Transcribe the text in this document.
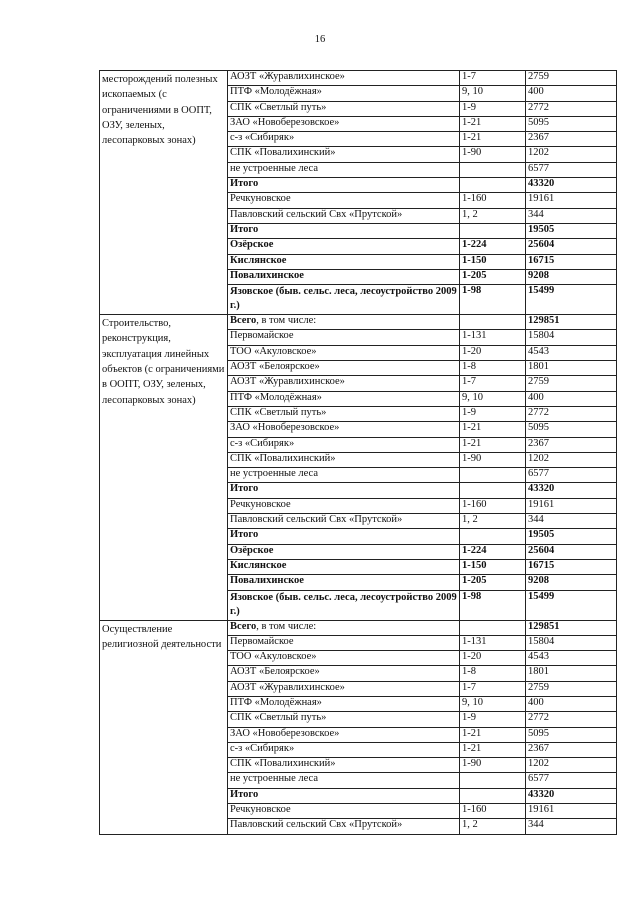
16
месторождений полезных ископаемых (с ограничениями в ООПТ, ОЗУ, зеленых, лесопарковых зонах)	АОЗТ «Журавлихинское»	1-7	2759
	ПТФ «Молодёжная»	9, 10	400
	СПК «Светлый путь»	1-9	2772
	ЗАО «Новоберезовское»	1-21	5095
	с-з «Сибиряк»	1-21	2367
	СПК «Повалихинский»	1-90	1202
	не устроенные леса		6577
	Итого		43320
	Речкуновское	1-160	19161
	Павловский сельский Свх «Прутской»	1, 2	344
	Итого		19505
	Озёрское	1-224	25604
	Кислянское	1-150	16715
	Повалихинское	1-205	9208
	Язовское (быв. сельс. леса, лесоустройство 2009 г.)	1-98	15499
Строительство, реконструкция, эксплуатация линейных объектов (с ограничениями в ООПТ, ОЗУ, зеленых, лесопарковых зонах)	Всего, в том числе:		129851
	Первомайское	1-131	15804
	ТОО «Акуловское»	1-20	4543
	АОЗТ «Белоярское»	1-8	1801
	АОЗТ «Журавлихинское»	1-7	2759
	ПТФ «Молодёжная»	9, 10	400
	СПК «Светлый путь»	1-9	2772
	ЗАО «Новоберезовское»	1-21	5095
	с-з «Сибиряк»	1-21	2367
	СПК «Повалихинский»	1-90	1202
	не устроенные леса		6577
	Итого		43320
	Речкуновское	1-160	19161
	Павловский сельский Свх «Прутской»	1, 2	344
	Итого		19505
	Озёрское	1-224	25604
	Кислянское	1-150	16715
	Повалихинское	1-205	9208
	Язовское (быв. сельс. леса, лесоустройство 2009 г.)	1-98	15499
Осуществление религиозной деятельности	Всего, в том числе:		129851
	Первомайское	1-131	15804
	ТОО «Акуловское»	1-20	4543
	АОЗТ «Белоярское»	1-8	1801
	АОЗТ «Журавлихинское»	1-7	2759
	ПТФ «Молодёжная»	9, 10	400
	СПК «Светлый путь»	1-9	2772
	ЗАО «Новоберезовское»	1-21	5095
	с-з «Сибиряк»	1-21	2367
	СПК «Повалихинский»	1-90	1202
	не устроенные леса		6577
	Итого		43320
	Речкуновское	1-160	19161
	Павловский сельский Свх «Прутской»	1, 2	344
